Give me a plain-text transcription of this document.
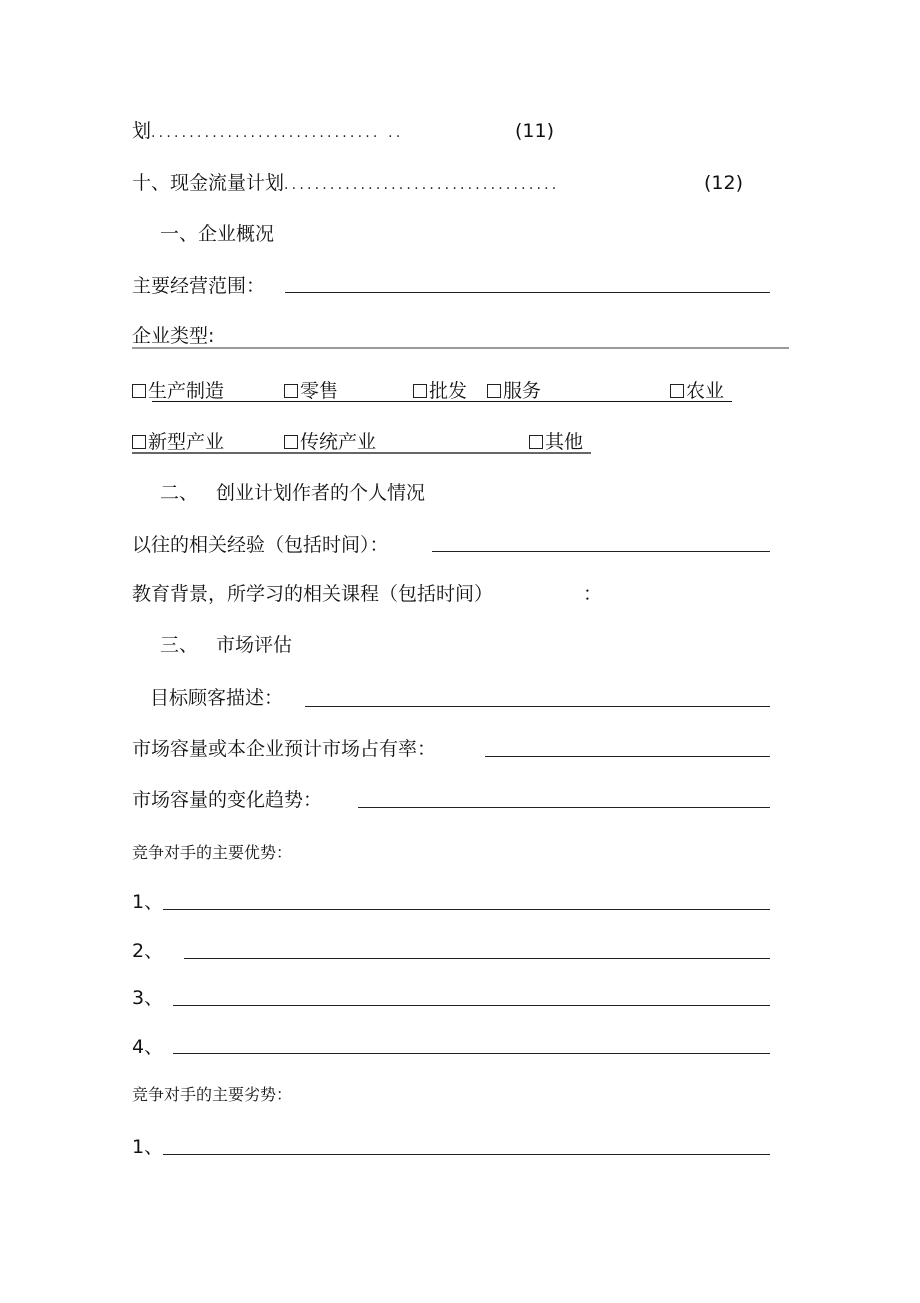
划.............................. ..	(11)
十、现金流量计划....................................	(12)
一、企业概况
主要经营范围：
企业类型:
生产制造	零售	批发	服务	农业
新型产业	传统产业	其他
二、 创业计划作者的个人情况
以往的相关经验（包括时间）：
教育背景，所学习的相关课程（包括时间）	：
三、 市场评估
目标顾客描述：
市场容量或本企业预计市场占有率：
市场容量的变化趋势：
竞争对手的主要优势：
1、
2、
3、
4、
竞争对手的主要劣势：
1、
